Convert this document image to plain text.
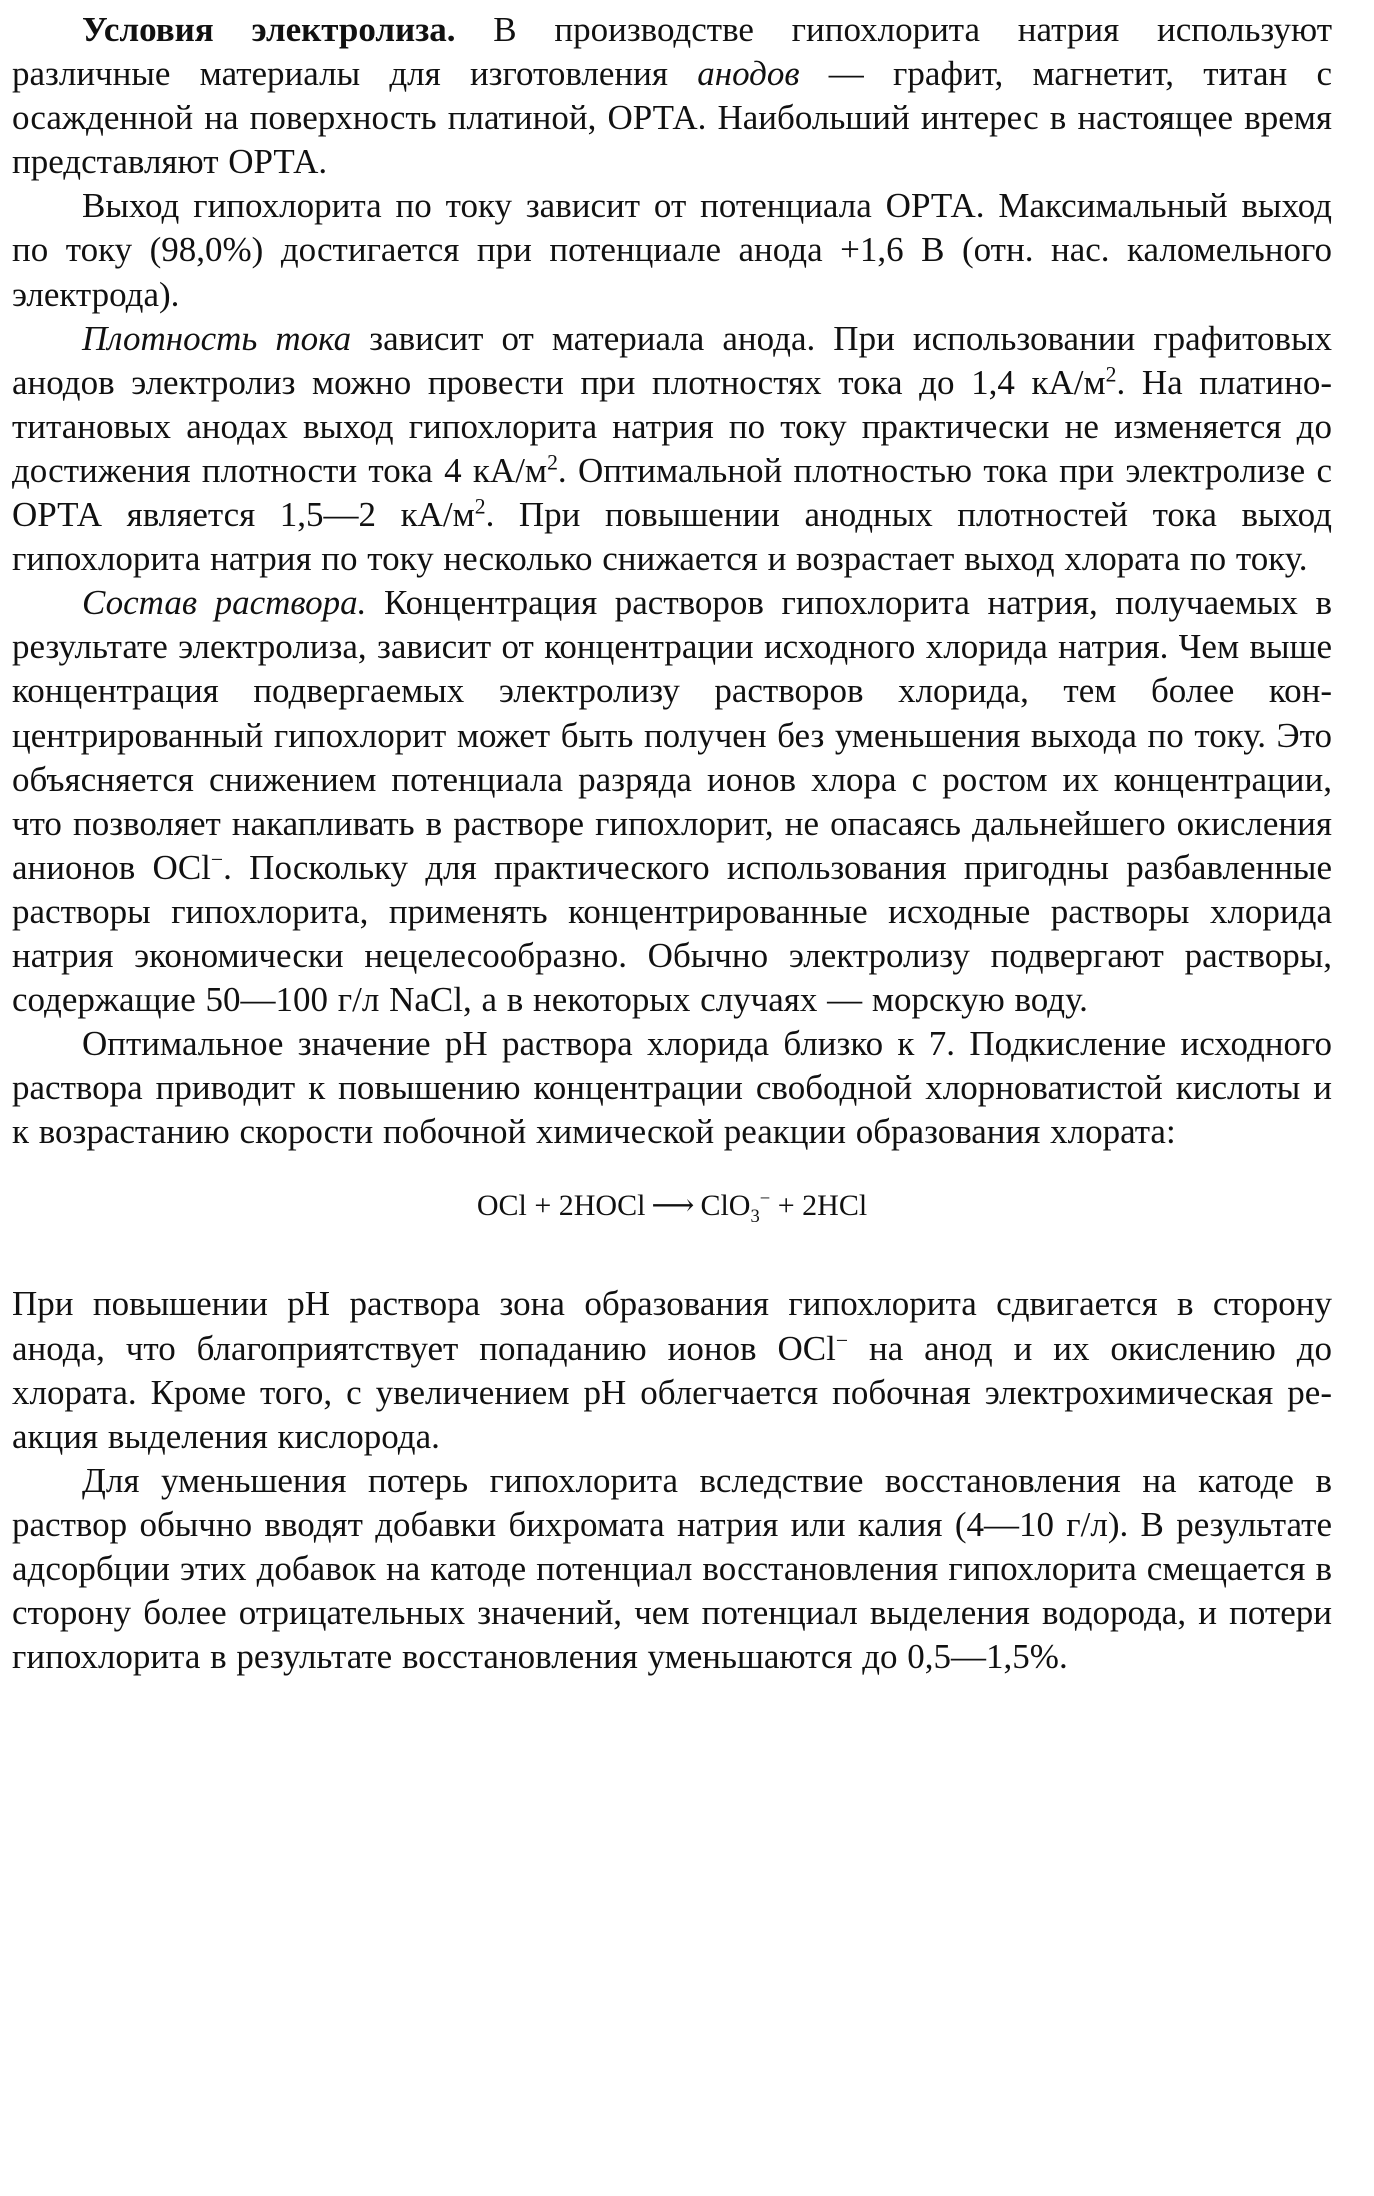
Условия электролиза. В производстве гипохлорита натрия используют различные материалы для изготовления анодов — графит, магнетит, титан с осажденной на поверхность платиной, ОРТА. Наибольший интерес в настоящее время представляют ОРТА.

Выход гипохлорита по току зависит от потенциала ОРТА. Максимальный выход по току (98,0%) достигается при потенциале анода +1,6 В (отн. нас. каломельного электрода).

Плотность тока зависит от материала анода. При использовании графитовых анодов электролиз можно провести при плотностях тока до 1,4 $кА/м^2$. На платино-титановых анодах выход гипохлорита натрия по току практически не изменяется до достижения плотности тока 4 $кА/м^2$. Оптимальной плотностью тока при электролизе с ОРТА является 1,5—2 $кА/м^2$. При повышении анодных плотностей тока выход гипохлорита натрия по току несколько снижается и возрастает выход хлората по току.

Состав раствора. Концентрация растворов гипохлорита натрия, получаемых в результате электролиза, зависит от концентрации исходного хлорида натрия. Чем выше концентрация подвергаемых электролизу растворов хлорида, тем более концентрированный гипохлорит может быть получен без уменьшения выхода по току. Это объясняется снижением потенциала разряда ионов хлора с ростом их концентрации, что позволяет накапливать в растворе гипохлорит, не опасаясь дальнейшего окисления анионов OCl−. Поскольку для практического использования пригодны разбавленные растворы гипохлорита, применять концентрированные исходные растворы хлорида натрия экономически нецелесообразно. Обычно электролизу подвергают растворы, содержащие 50—100 г/л NaCl, а в некоторых случаях — морскую воду.

Оптимальное значение pH раствора хлорида близко к 7. Подкисление исходного раствора приводит к повышению концентрации свободной хлорноватистой кислоты и к возрастанию скорости побочной химической реакции образования хлората:

OCl + 2HOCl ⟶ ClO$_3$− + 2HCl

При повышении pH раствора зона образования гипохлорита сдвигается в сторону анода, что благоприятствует попаданию ионов OCl− на анод и их окислению до хлората. Кроме того, с увеличением pH облегчается побочная электрохимическая реакция выделения кислорода.

Для уменьшения потерь гипохлорита вследствие восстановления на катоде в раствор обычно вводят добавки бихромата натрия или калия (4—10 г/л). В результате адсорбции этих добавок на катоде потенциал восстановления гипохлорита смещается в сторону более отрицательных значений, чем потенциал выделения водорода, и потери гипохлорита в результате восстановления уменьшаются до 0,5—1,5%.
